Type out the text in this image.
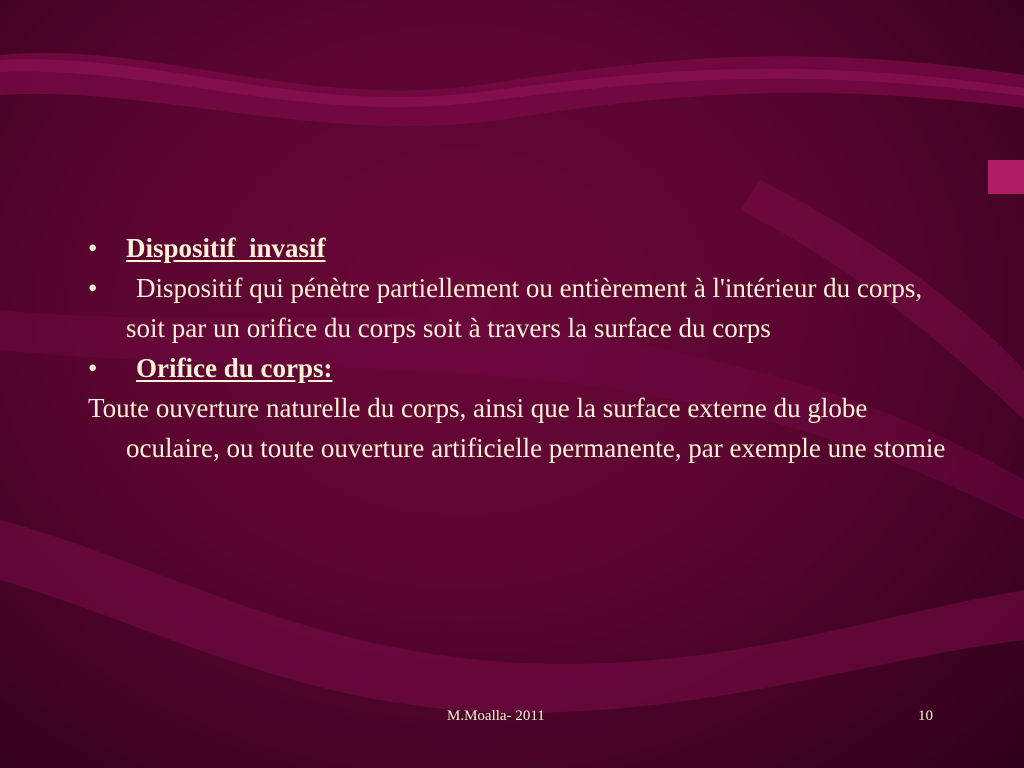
• Dispositif  invasif
• Dispositif qui pénètre partiellement ou entièrement à l'intérieur du corps, soit par un orifice du corps soit à travers la surface du corps
• Orifice du corps:
Toute ouverture naturelle du corps, ainsi que la surface externe du globe oculaire, ou toute ouverture artificielle permanente, par exemple une stomie
M.Moalla- 2011	10
